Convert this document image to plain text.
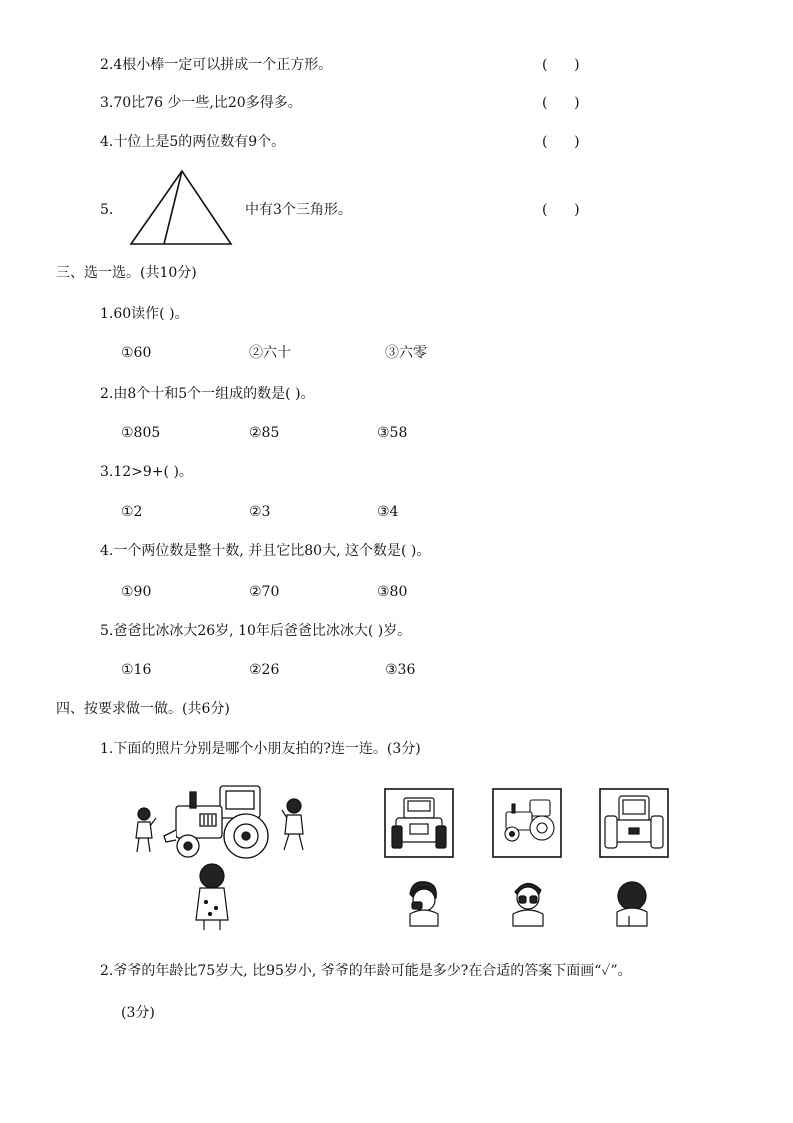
2.4根小棒一定可以拼成一个正方形。	(      )
3.70比76 少一些,比20多得多。	(      )
4.十位上是5的两位数有9个。	(      )
5.	中有3个三角形。	(      )
三、选一选。(共10分)
1.60读作( )。
①60	②六十	③六零
2.由8个十和5个一组成的数是( )。
①805	②85	③58
3.12>9+( )。
①2	②3	③4
4.一个两位数是整十数, 并且它比80大, 这个数是( )。
①90	②70	③80
5.爸爸比冰冰大26岁, 10年后爸爸比冰冰大( )岁。
①16	②26	③36
四、按要求做一做。(共6分)
1.下面的照片分别是哪个小朋友拍的?连一连。(3分)
2.爷爷的年龄比75岁大, 比95岁小, 爷爷的年龄可能是多少?在合适的答案下面画“✓”。
(3分)
